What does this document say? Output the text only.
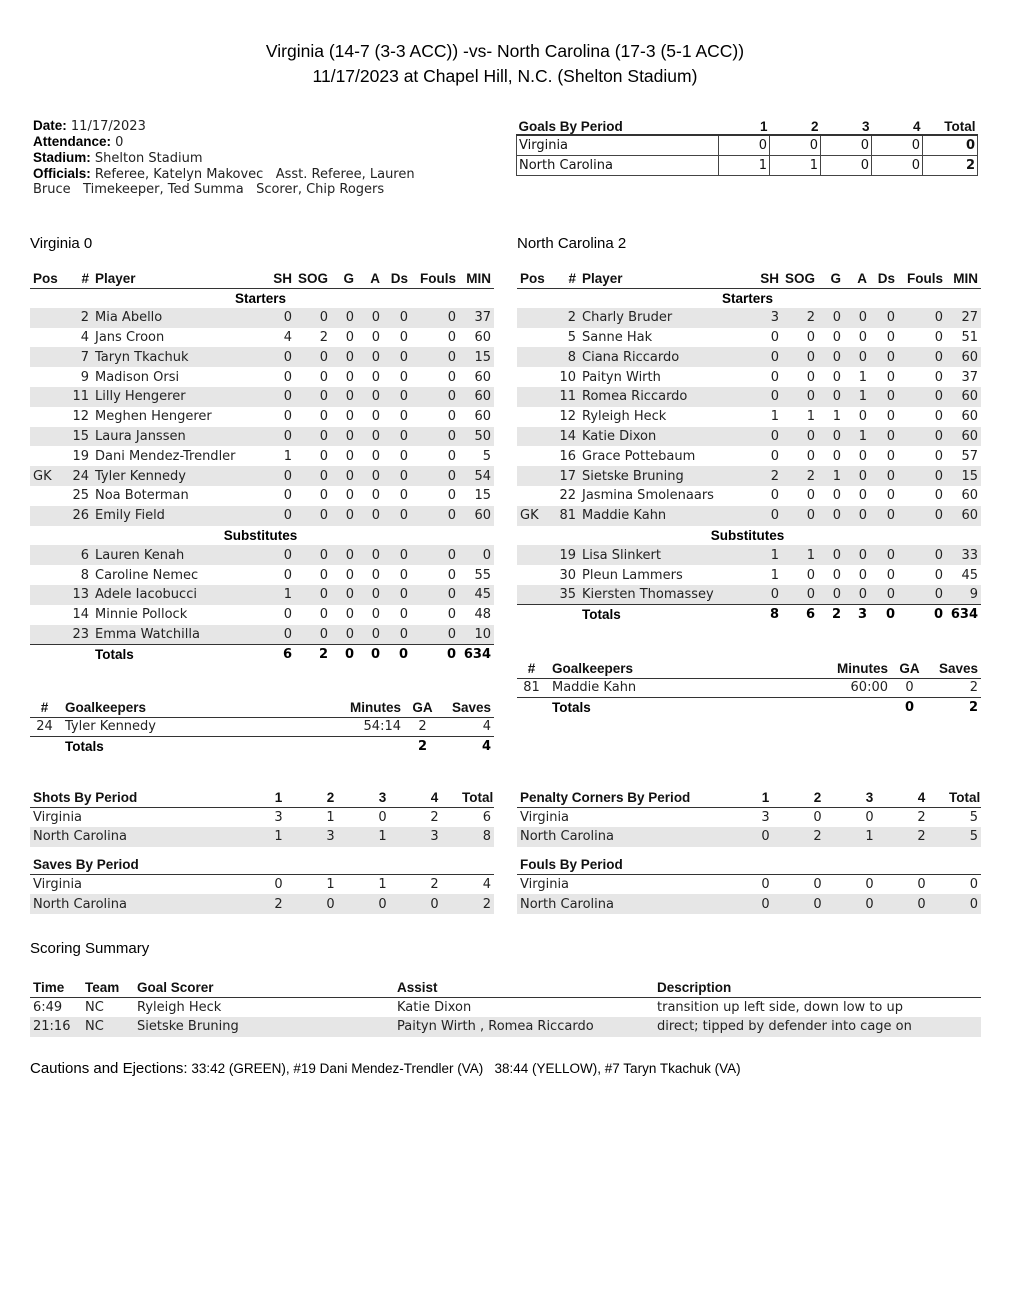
Virginia (14-7 (3-3 ACC)) -vs- North Carolina (17-3 (5-1 ACC))
11/17/2023 at Chapel Hill, N.C. (Shelton Stadium)
Date: 11/17/2023
Attendance: 0
Stadium: Shelton Stadium
Officials: Referee, Katelyn Makovec   Asst. Referee, Lauren Bruce   Timekeeper, Ted Summa   Scorer, Chip Rogers
Goals By Period	1	2	3	4	Total
Virginia	0	0	0	0	0
North Carolina	1	1	0	0	2
Virginia 0	North Carolina 2
Pos	#	Player	SH	SOG	G	A	Ds	Fouls	MIN
Starters									
	2	Mia Abello	0	0	0	0	0	0	37
	4	Jans Croon	4	2	0	0	0	0	60
	7	Taryn Tkachuk	0	0	0	0	0	0	15
	9	Madison Orsi	0	0	0	0	0	0	60
	11	Lilly Hengerer	0	0	0	0	0	0	60
	12	Meghen Hengerer	0	0	0	0	0	0	60
	15	Laura Janssen	0	0	0	0	0	0	50
	19	Dani Mendez-Trendler	1	0	0	0	0	0	5
GK	24	Tyler Kennedy	0	0	0	0	0	0	54
	25	Noa Boterman	0	0	0	0	0	0	15
	26	Emily Field	0	0	0	0	0	0	60
Substitutes									
	6	Lauren Kenah	0	0	0	0	0	0	0
	8	Caroline Nemec	0	0	0	0	0	0	55
	13	Adele Iacobucci	1	0	0	0	0	0	45
	14	Minnie Pollock	0	0	0	0	0	0	48
	23	Emma Watchilla	0	0	0	0	0	0	10
		Totals	6	2	0	0	0	0	634
Pos	#	Player	SH	SOG	G	A	Ds	Fouls	MIN
Starters									
	2	Charly Bruder	3	2	0	0	0	0	27
	5	Sanne Hak	0	0	0	0	0	0	51
	8	Ciana Riccardo	0	0	0	0	0	0	60
	10	Paityn Wirth	0	0	0	1	0	0	37
	11	Romea Riccardo	0	0	0	1	0	0	60
	12	Ryleigh Heck	1	1	1	0	0	0	60
	14	Katie Dixon	0	0	0	1	0	0	60
	16	Grace Pottebaum	0	0	0	0	0	0	57
	17	Sietske Bruning	2	2	1	0	0	0	15
	22	Jasmina Smolenaars	0	0	0	0	0	0	60
GK	81	Maddie Kahn	0	0	0	0	0	0	60
Substitutes									
	19	Lisa Slinkert	1	1	0	0	0	0	33
	30	Pleun Lammers	1	0	0	0	0	0	45
	35	Kiersten Thomassey	0	0	0	0	0	0	9
		Totals	8	6	2	3	0	0	634
#	Goalkeepers	Minutes	GA	Saves
81	Maddie Kahn	60:00	0	2
	Totals		0	2
#	Goalkeepers	Minutes	GA	Saves
24	Tyler Kennedy	54:14	2	4
	Totals		2	4
Shots By Period	1	2	3	4	Total
Virginia	3	1	0	2	6
North Carolina	1	3	1	3	8
Saves By Period					
Virginia	0	1	1	2	4
North Carolina	2	0	0	0	2
Penalty Corners By Period	1	2	3	4	Total
Virginia	3	0	0	2	5
North Carolina	0	2	1	2	5
Fouls By Period					
Virginia	0	0	0	0	0
North Carolina	0	0	0	0	0
Scoring Summary
Time	Team	Goal Scorer	Assist	Description
6:49	NC	Ryleigh Heck	Katie Dixon	transition up left side, down low to up
21:16	NC	Sietske Bruning	Paityn Wirth , Romea Riccardo	direct; tipped by defender into cage on
Cautions and Ejections: 33:42 (GREEN), #19 Dani Mendez-Trendler (VA)   38:44 (YELLOW), #7 Taryn Tkachuk (VA)
